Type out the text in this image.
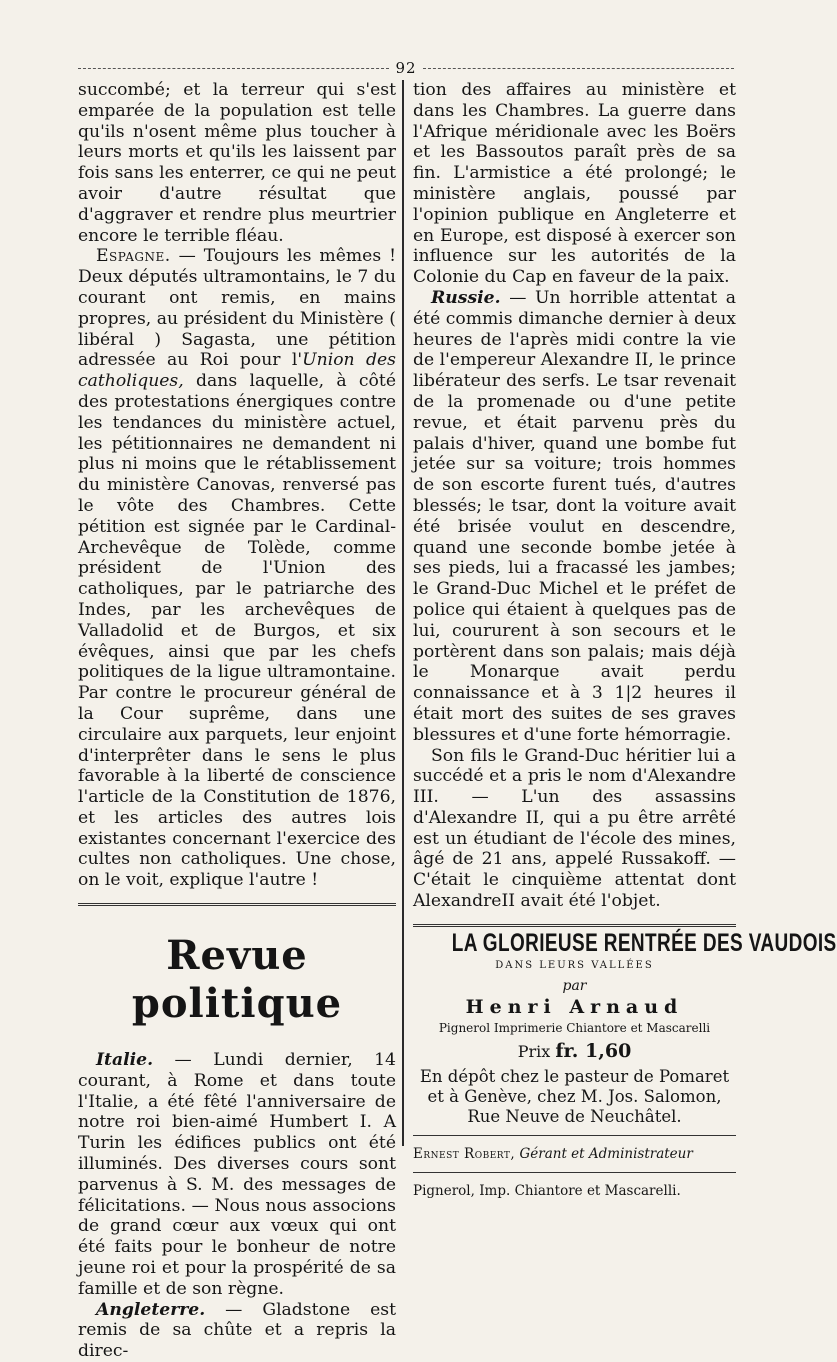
92

succombé; et la terreur qui s'est emparée de la population est telle qu'ils n'osent même plus toucher à leurs morts et qu'ils les laissent par fois sans les enterrer, ce qui ne peut avoir d'autre résultat que d'aggraver et rendre plus meurtrier encore le terrible fléau.

Espagne. — Toujours les mêmes ! Deux députés ultramontains, le 7 du courant ont remis, en mains propres, au président du Ministère ( libéral ) Sagasta, une pétition adressée au Roi pour l'Union des catholiques, dans laquelle, à côté des protestations énergiques contre les tendances du ministère actuel, les pétitionnaires ne demandent ni plus ni moins que le rétablissement du ministère Canovas, renversé pas le vôte des Chambres. Cette pétition est signée par le Cardinal-Archevêque de Tolède, comme président de l'Union des catholiques, par le patriarche des Indes, par les archevêques de Valladolid et de Burgos, et six évêques, ainsi que par les chefs politiques de la ligue ultramontaine. Par contre le procureur général de la Cour suprême, dans une circulaire aux parquets, leur enjoint d'interprêter dans le sens le plus favorable à la liberté de conscience l'article de la Constitution de 1876, et les articles des autres lois existantes concernant l'exercice des cultes non catholiques. Une chose, on le voit, explique l'autre !

Revue politique

Italie. — Lundi dernier, 14 courant, à Rome et dans toute l'Italie, a été fêté l'anniversaire de notre roi bien-aimé Humbert I. A Turin les édifices publics ont été illuminés. Des diverses cours sont parvenus à S. M. des messages de félicitations. — Nous nous associons de grand cœur aux vœux qui ont été faits pour le bonheur de notre jeune roi et pour la prospérité de sa famille et de son règne.

Angleterre. — Gladstone est remis de sa chûte et a repris la direc-

tion des affaires au ministère et dans les Chambres. La guerre dans l'Afrique méridionale avec les Boërs et les Bassoutos paraît près de sa fin. L'armistice a été prolongé; le ministère anglais, poussé par l'opinion publique en Angleterre et en Europe, est disposé à exercer son influence sur les autorités de la Colonie du Cap en faveur de la paix.

Russie. — Un horrible attentat a été commis dimanche dernier à deux heures de l'après midi contre la vie de l'empereur Alexandre II, le prince libérateur des serfs. Le tsar revenait de la promenade ou d'une petite revue, et était parvenu près du palais d'hiver, quand une bombe fut jetée sur sa voiture; trois hommes de son escorte furent tués, d'autres blessés; le tsar, dont la voiture avait été brisée voulut en descendre, quand une seconde bombe jetée à ses pieds, lui a fracassé les jambes; le Grand-Duc Michel et le préfet de police qui étaient à quelques pas de lui, coururent à son secours et le portèrent dans son palais; mais déjà le Monarque avait perdu connaissance et à 3 1|2 heures il était mort des suites de ses graves blessures et d'une forte hémorragie.

Son fils le Grand-Duc héritier lui a succédé et a pris le nom d'Alexandre III. — L'un des assassins d'Alexandre II, qui a pu être arrêté est un étudiant de l'école des mines, âgé de 21 ans, appelé Russakoff. — C'était le cinquième attentat dont AlexandreII avait été l'objet.

LA GLORIEUSE RENTRÉE DES VAUDOIS
DANS LEURS VALLÉES
par
Henri Arnaud
Pignerol Imprimerie Chiantore et Mascarelli
Prix fr. 1,60
En dépôt chez le pasteur de Pomaret et à Genève, chez M. Jos. Salomon, Rue Neuve de Neuchâtel.

Ernest Robert, Gérant et Administrateur

Pignerol, Imp. Chiantore et Mascarelli.
